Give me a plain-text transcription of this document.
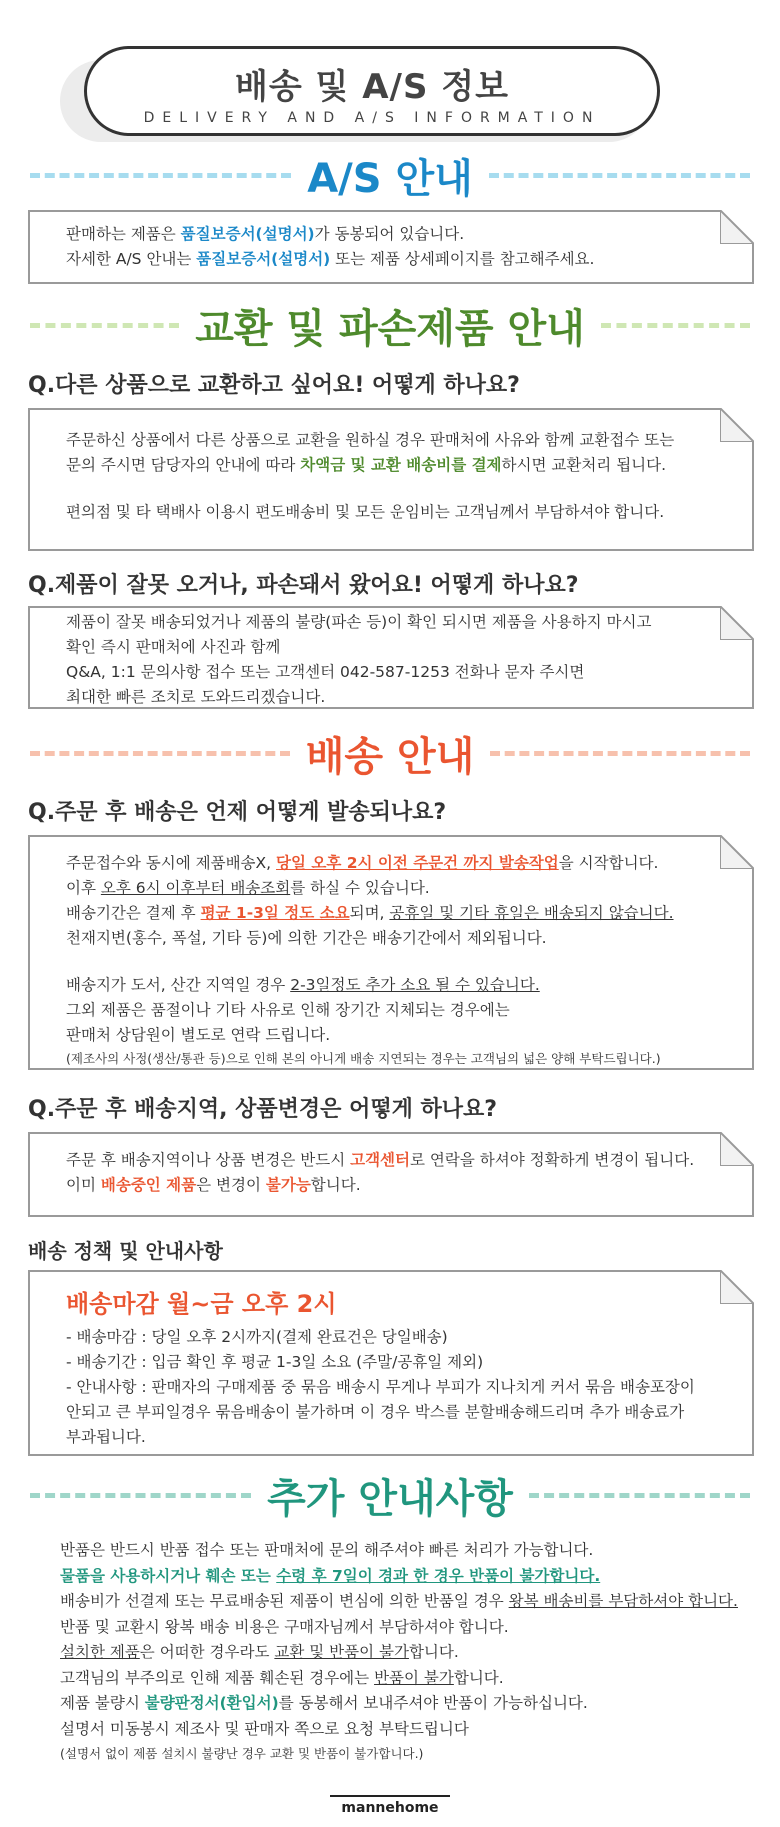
배송 및 A/S 정보
DELIVERY AND A/S INFORMATION
A/S 안내

판매하는 제품은 품질보증서(설명서)가 동봉되어 있습니다.

자세한 A/S 안내는 품질보증서(설명서) 또는 제품 상세페이지를 참고해주세요.

교환 및 파손제품 안내
Q.다른 상품으로 교환하고 싶어요! 어떻게 하나요?

주문하신 상품에서 다른 상품으로 교환을 원하실 경우 판매처에 사유와 함께 교환접수 또는

문의 주시면 담당자의 안내에 따라 차액금 및 교환 배송비를 결제하시면 교환처리 됩니다.

편의점 및 타 택배사 이용시 편도배송비 및 모든 운임비는 고객님께서 부담하셔야 합니다.

Q.제품이 잘못 오거나, 파손돼서 왔어요! 어떻게 하나요?

제품이 잘못 배송되었거나 제품의 불량(파손 등)이 확인 되시면 제품을 사용하지 마시고

확인 즉시 판매처에 사진과 함께

Q&A, 1:1 문의사항 접수 또는 고객센터 042-587-1253 전화나 문자 주시면

최대한 빠른 조치로 도와드리겠습니다.

배송 안내
Q.주문 후 배송은 언제 어떻게 발송되나요?

주문접수와 동시에 제품배송X, 당일 오후 2시 이전 주문건 까지 발송작업을 시작합니다.

이후 오후 6시 이후부터 배송조회를 하실 수 있습니다.

배송기간은 결제 후 평균 1-3일 정도 소요되며, 공휴일 및 기타 휴일은 배송되지 않습니다.

천재지변(홍수, 폭설, 기타 등)에 의한 기간은 배송기간에서 제외됩니다.

배송지가 도서, 산간 지역일 경우 2-3일정도 추가 소요 될 수 있습니다.

그외 제품은 품절이나 기타 사유로 인해 장기간 지체되는 경우에는

판매처 상담원이 별도로 연락 드립니다.

(제조사의 사정(생산/통관 등)으로 인해 본의 아니게 배송 지연되는 경우는 고객님의 넓은 양해 부탁드립니다.)

Q.주문 후 배송지역, 상품변경은 어떻게 하나요?

주문 후 배송지역이나 상품 변경은 반드시 고객센터로 연락을 하셔야 정확하게 변경이 됩니다.

이미 배송중인 제품은 변경이 불가능합니다.

배송 정책 및 안내사항
배송마감 월~금 오후 2시

- 배송마감 : 당일 오후 2시까지(결제 완료건은 당일배송)

- 배송기간 : 입금 확인 후 평균 1-3일 소요 (주말/공휴일 제외)

- 안내사항 : 판매자의 구매제품 중 묶음 배송시 무게나 부피가 지나치게 커서 묶음 배송포장이

안되고 큰 부피일경우 묶음배송이 불가하며 이 경우 박스를 분할배송해드리며 추가 배송료가

부과됩니다.

추가 안내사항

반품은 반드시 반품 접수 또는 판매처에 문의 해주셔야 빠른 처리가 가능합니다.

물품을 사용하시거나 훼손 또는 수령 후 7일이 경과 한 경우 반품이 불가합니다.

배송비가 선결제 또는 무료배송된 제품이 변심에 의한 반품일 경우 왕복 배송비를 부담하셔야 합니다.

반품 및 교환시 왕복 배송 비용은 구매자님께서 부담하셔야 합니다.

설치한 제품은 어떠한 경우라도 교환 및 반품이 불가합니다.

고객님의 부주의로 인해 제품 훼손된 경우에는 반품이 불가합니다.

제품 불량시 불량판정서(환입서)를 동봉해서 보내주셔야 반품이 가능하십니다.

설명서 미동봉시 제조사 및 판매자 쪽으로 요청 부탁드립니다

(설명서 없이 제품 설치시 불량난 경우 교환 및 반품이 불가합니다.)

mannehome
